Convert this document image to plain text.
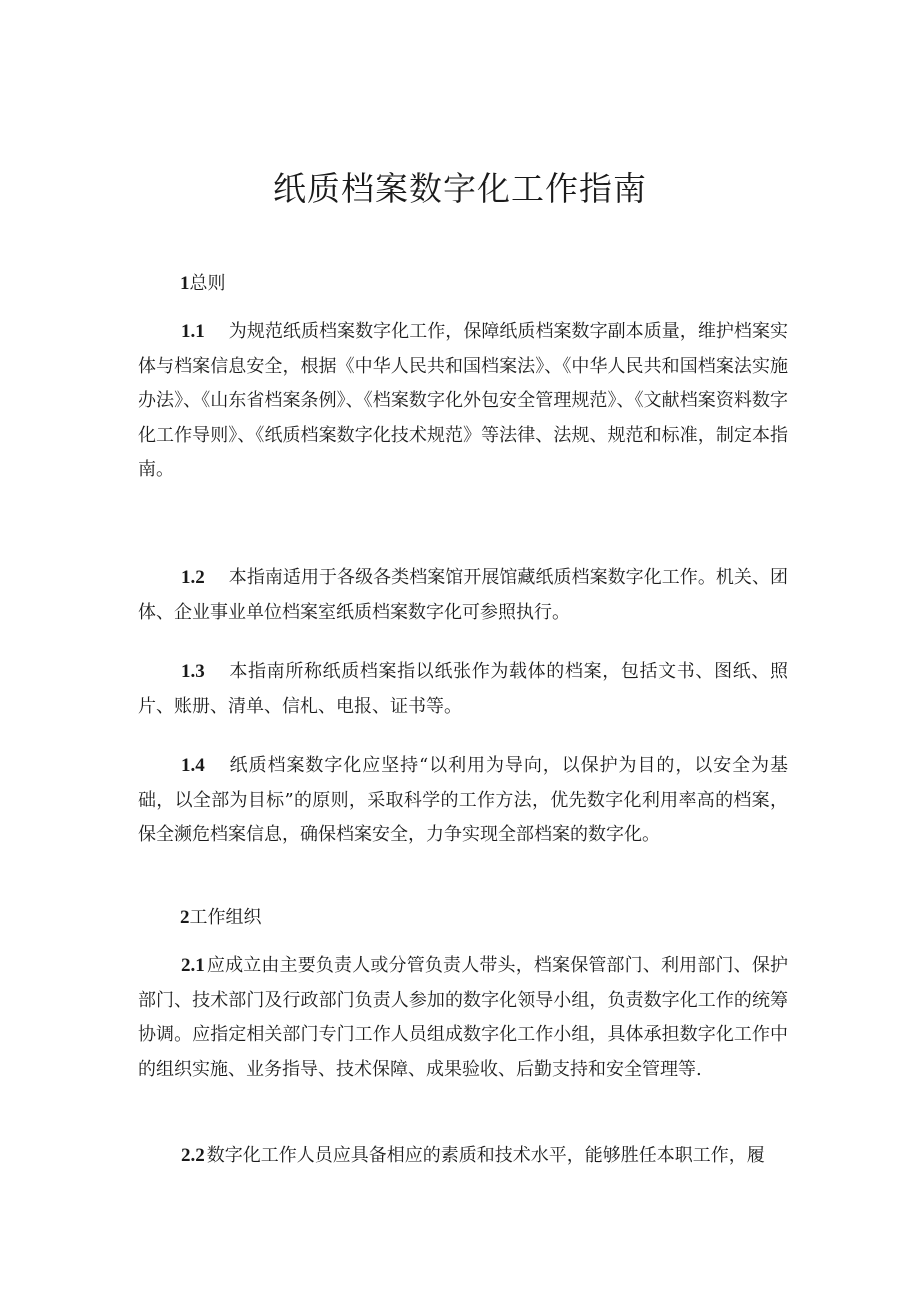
纸质档案数字化工作指南

1总则

1.1 为规范纸质档案数字化工作，保障纸质档案数字副本质量，维护档案实体与档案信息安全，根据《中华人民共和国档案法》、《中华人民共和国档案法实施办法》、《山东省档案条例》、《档案数字化外包安全管理规范》、《文献档案资料数字化工作导则》、《纸质档案数字化技术规范》等法律、法规、规范和标准，制定本指南。

1.2 本指南适用于各级各类档案馆开展馆藏纸质档案数字化工作。机关、团体、企业事业单位档案室纸质档案数字化可参照执行。

1.3 本指南所称纸质档案指以纸张作为载体的档案，包括文书、图纸、照片、账册、清单、信札、电报、证书等。

1.4 纸质档案数字化应坚持“以利用为导向，以保护为目的，以安全为基础，以全部为目标”的原则，采取科学的工作方法，优先数字化利用率高的档案，保全濒危档案信息，确保档案安全，力争实现全部档案的数字化。

2工作组织

2.1 应成立由主要负责人或分管负责人带头，档案保管部门、利用部门、保护部门、技术部门及行政部门负责人参加的数字化领导小组，负责数字化工作的统筹协调。应指定相关部门专门工作人员组成数字化工作小组，具体承担数字化工作中的组织实施、业务指导、技术保障、成果验收、后勤支持和安全管理等.

2.2 数字化工作人员应具备相应的素质和技术水平，能够胜任本职工作，履
